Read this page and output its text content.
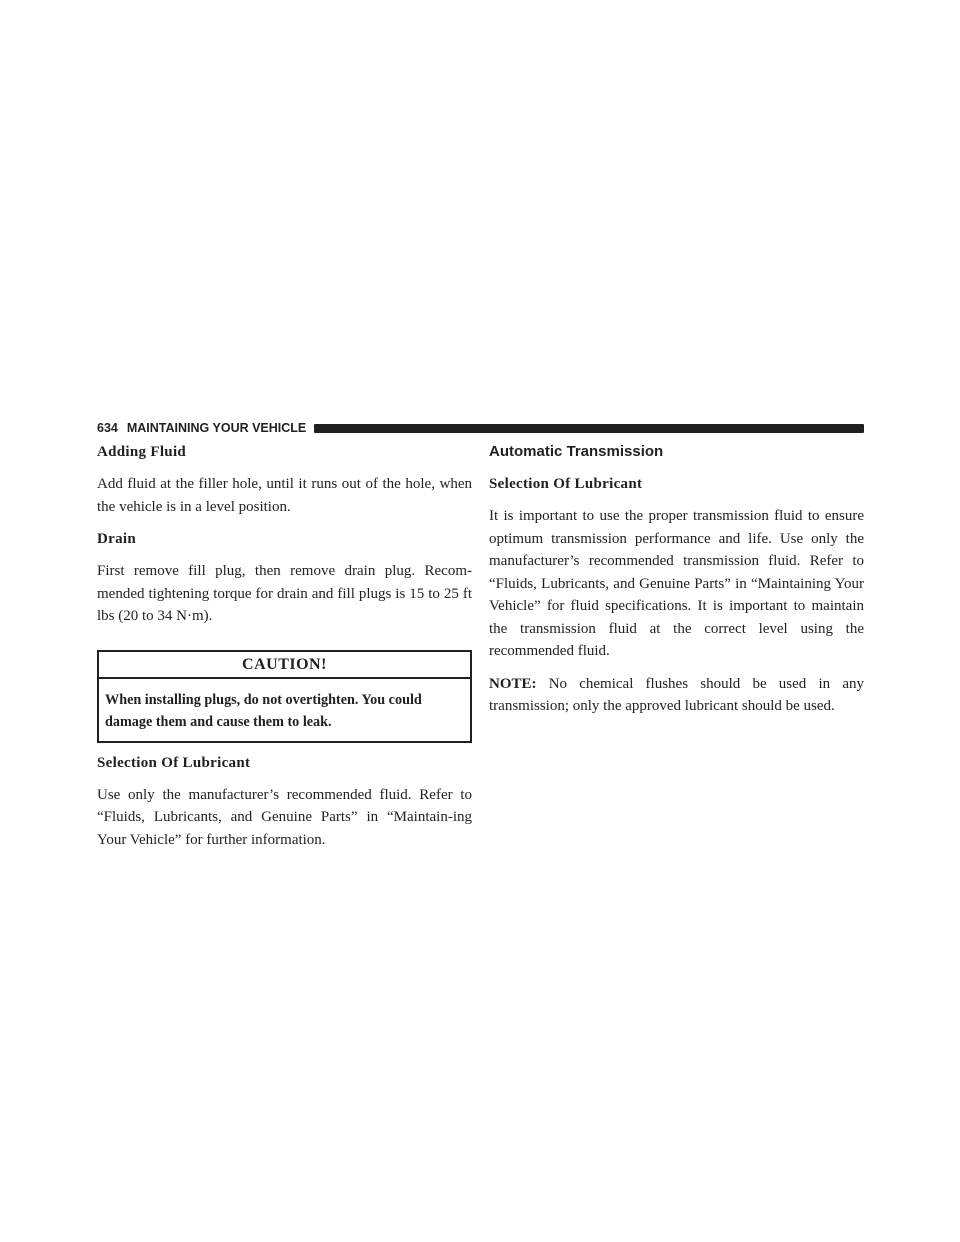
634 MAINTAINING YOUR VEHICLE
Adding Fluid

Add fluid at the filler hole, until it runs out of the hole, when the vehicle is in a level position.

Drain

First remove fill plug, then remove drain plug. Recom-mended tightening torque for drain and fill plugs is 15 to 25 ft lbs (20 to 34 N·m).

CAUTION!
When installing plugs, do not overtighten. You could damage them and cause them to leak.
Selection Of Lubricant

Use only the manufacturer’s recommended fluid. Refer to “Fluids, Lubricants, and Genuine Parts” in “Maintain-ing Your Vehicle” for further information.

Automatic Transmission
Selection Of Lubricant

It is important to use the proper transmission fluid to ensure optimum transmission performance and life. Use only the manufacturer’s recommended transmission fluid. Refer to “Fluids, Lubricants, and Genuine Parts” in “Maintaining Your Vehicle” for fluid specifications. It is important to maintain the transmission fluid at the correct level using the recommended fluid.

NOTE: No chemical flushes should be used in any transmission; only the approved lubricant should be used.
